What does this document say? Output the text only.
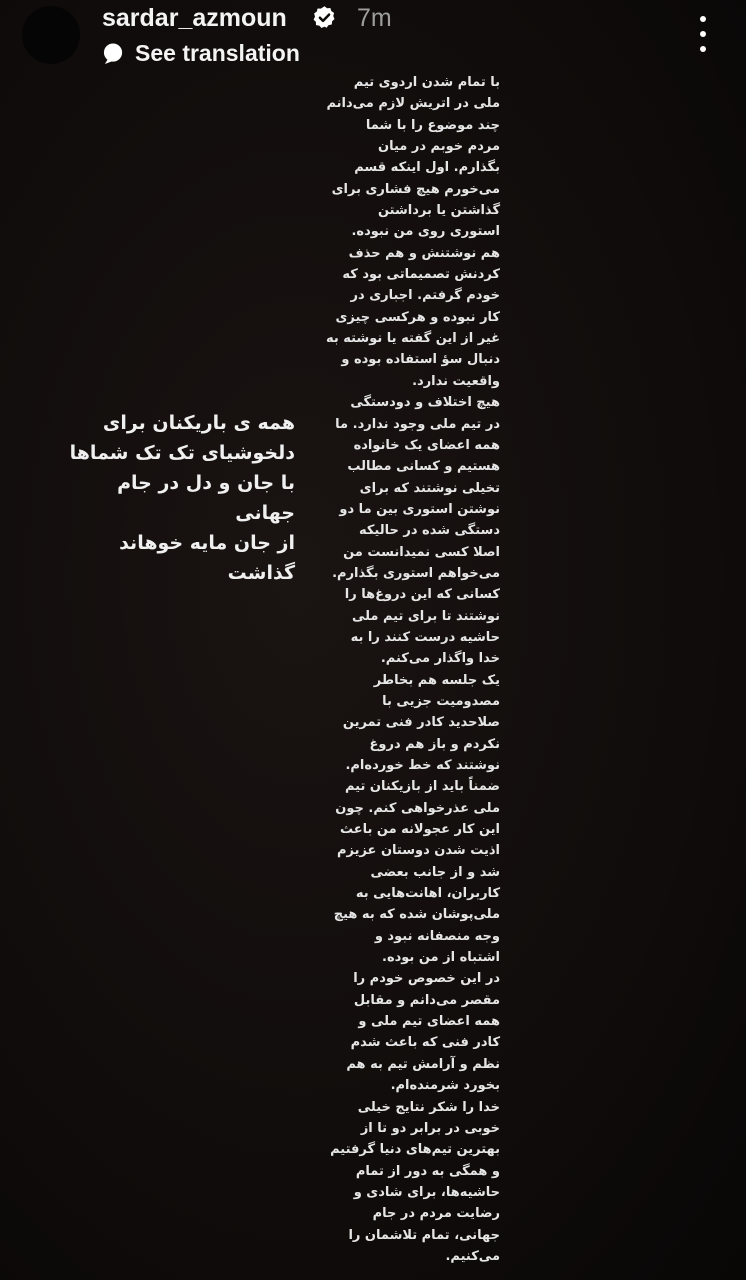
sardar_azmoun	7m
See translation

همه ی باریکنان برای
دلخوشیای تک تک شماها
با جان و دل در جام جهانی
از جان مایه خوهاند
گذاشت

با تمام شدن اردوی تیم
ملی در اتریش لازم می‌دانم
چند موضوع را با شما
مردم خوبم در میان
بگذارم. اول اینکه قسم
می‌خورم هیچ فشاری برای
گذاشتن یا برداشتن
استوری روی من نبوده.
هم نوشتنش و هم حذف
کردنش تصمیماتی بود که
خودم گرفتم. اجباری در
کار نبوده و هرکسی چیزی
غیر از این گفته یا نوشته به
دنبال سؤ استفاده بوده و
واقعیت ندارد.
هیچ اختلاف و دودستگی
در تیم ملی وجود ندارد. ما
همه اعضای یک خانواده
هستیم و کسانی مطالب
تخیلی نوشتند که برای
نوشتن استوری بین ما دو
دستگی شده در حالیکه
اصلا کسی نمیدانست من
می‌خواهم استوری بگذارم.
کسانی که این دروغ‌ها را
نوشتند تا برای تیم ملی
حاشیه درست کنند را به
خدا واگذار می‌کنم.
یک جلسه هم بخاطر
مصدومیت جزیی با
صلاحدید کادر فنی تمرین
نکردم و باز هم دروغ
نوشتند که خط خورده‌ام.
ضمناً باید از بازیکنان تیم
ملی عذرخواهی کنم. چون
این کار عجولانه من باعث
اذیت شدن دوستان عزیزم
شد و از جانب بعضی
کاربران، اهانت‌هایی به
ملی‌پوشان شده که به هیچ
وجه منصفانه نبود و
اشتباه از من بوده.
در این خصوص خودم را
مقصر می‌دانم و مقابل
همه اعضای تیم ملی و
کادر فنی که باعث شدم
نظم و آرامش تیم به هم
بخورد شرمنده‌ام.
خدا را شکر نتایج خیلی
خوبی در برابر دو تا از
بهترین تیم‌های دنیا گرفتیم
و همگی به دور از تمام
حاشیه‌ها، برای شادی و
رضایت مردم در جام
جهانی، تمام تلاشمان را
می‌کنیم.
